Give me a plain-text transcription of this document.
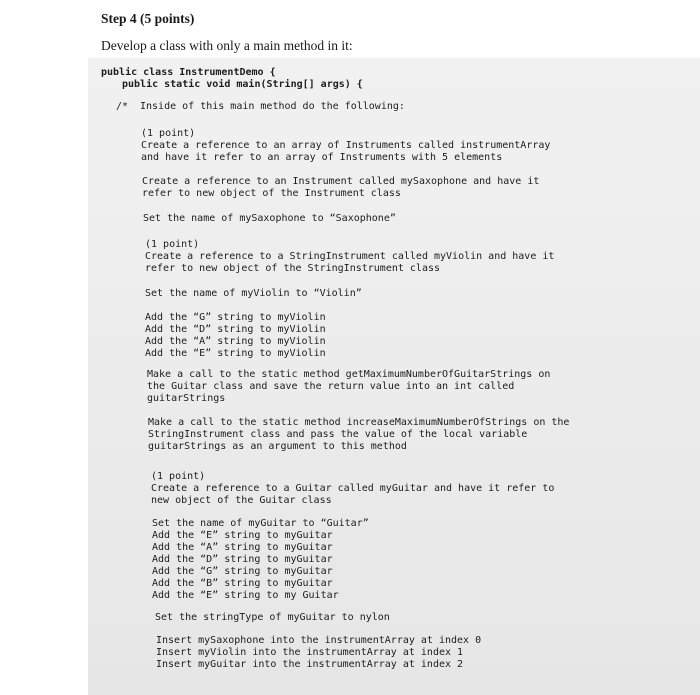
Step 4 (5 points)
Develop a class with only a main method in it:
public class InstrumentDemo {
public static void main(String[] args) {
/* Inside of this main method do the following:
(1 point)
Create a reference to an array of Instruments called instrumentArray
and have it refer to an array of Instruments with 5 elements
Create a reference to an Instrument called mySaxophone and have it
refer to new object of the Instrument class
Set the name of mySaxophone to “Saxophone”
(1 point)
Create a reference to a StringInstrument called myViolin and have it
refer to new object of the StringInstrument class
Set the name of myViolin to “Violin”
Add the “G” string to myViolin
Add the “D” string to myViolin
Add the “A” string to myViolin
Add the “E” string to myViolin
Make a call to the static method getMaximumNumberOfGuitarStrings on
the Guitar class and save the return value into an int called
guitarStrings
Make a call to the static method increaseMaximumNumberOfStrings on the
StringInstrument class and pass the value of the local variable
guitarStrings as an argument to this method
(1 point)
Create a reference to a Guitar called myGuitar and have it refer to
new object of the Guitar class
Set the name of myGuitar to “Guitar”
Add the “E” string to myGuitar
Add the “A” string to myGuitar
Add the “D” string to myGuitar
Add the “G” string to myGuitar
Add the “B” string to myGuitar
Add the “E” string to my Guitar
Set the stringType of myGuitar to nylon
Insert mySaxophone into the instrumentArray at index 0
Insert myViolin into the instrumentArray at index 1
Insert myGuitar into the instrumentArray at index 2
